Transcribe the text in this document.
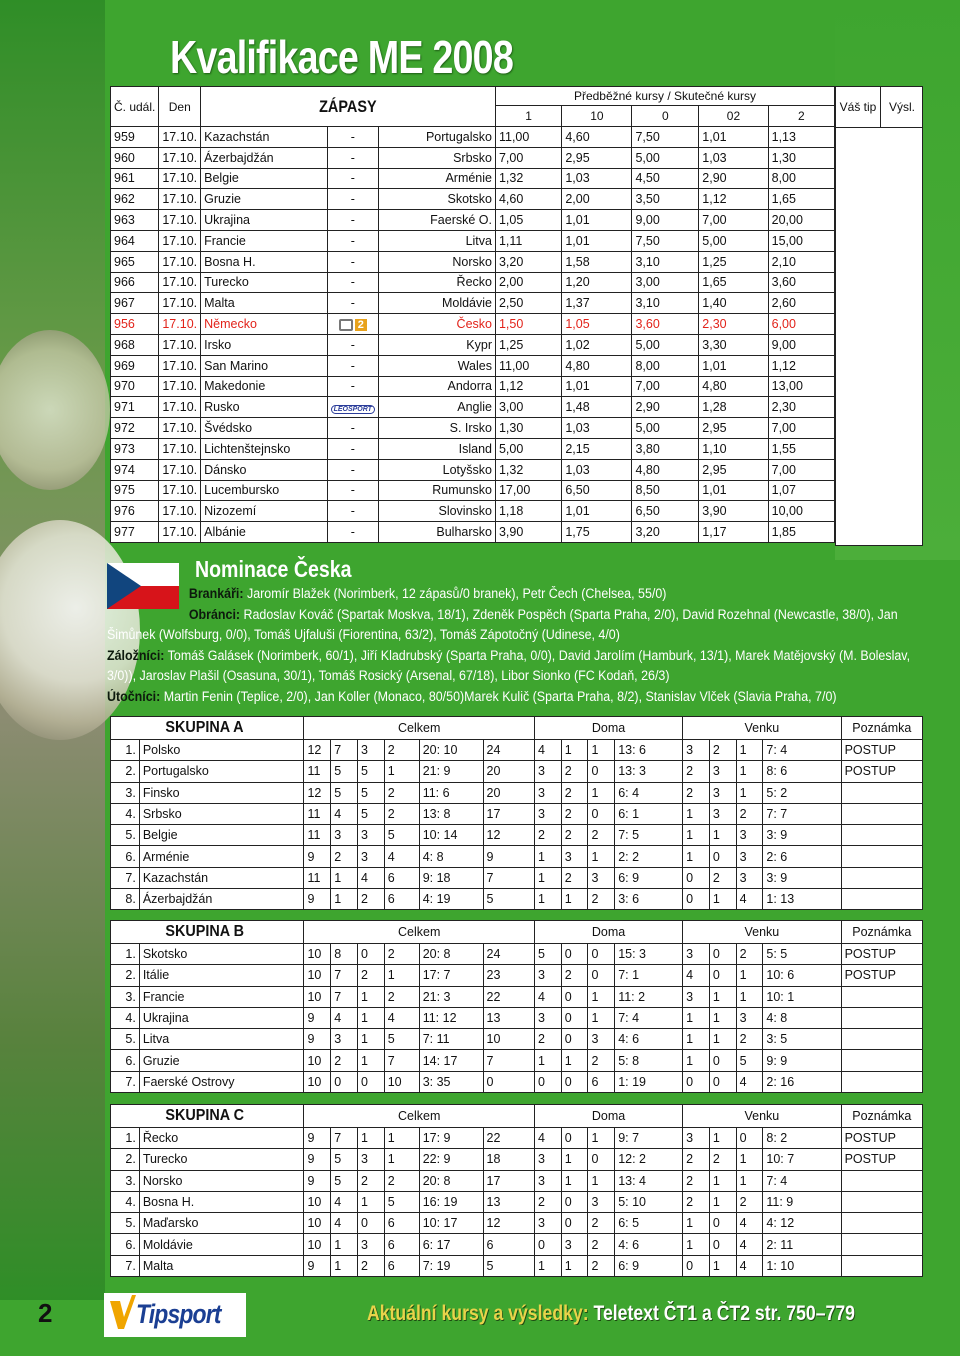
Kvalifikace ME 2008
Váš tip	Výsl.
Č. udál.	Den	ZÁPASY			Předběžné kursy / Skutečné kursy				
					1	10	0	02	2
959	17.10.	Kazachstán	-	Portugalsko	11,00	4,60	7,50	1,01	1,13
960	17.10.	Ázerbajdžán	-	Srbsko	7,00	2,95	5,00	1,03	1,30
961	17.10.	Belgie	-	Arménie	1,32	1,03	4,50	2,90	8,00
962	17.10.	Gruzie	-	Skotsko	4,60	2,00	3,50	1,12	1,65
963	17.10.	Ukrajina	-	Faerské O.	1,05	1,01	9,00	7,00	20,00
964	17.10.	Francie	-	Litva	1,11	1,01	7,50	5,00	15,00
965	17.10.	Bosna H.	-	Norsko	3,20	1,58	3,10	1,25	2,10
966	17.10.	Turecko	-	Řecko	2,00	1,20	3,00	1,65	3,60
967	17.10.	Malta	-	Moldávie	2,50	1,37	3,10	1,40	2,60
956	17.10.	Německo	2	Česko	1,50	1,05	3,60	2,30	6,00
968	17.10.	Irsko	-	Kypr	1,25	1,02	5,00	3,30	9,00
969	17.10.	San Marino	-	Wales	11,00	4,80	8,00	1,01	1,12
970	17.10.	Makedonie	-	Andorra	1,12	1,01	7,00	4,80	13,00
971	17.10.	Rusko	LEOSPORT	Anglie	3,00	1,48	2,90	1,28	2,30
972	17.10.	Švédsko	-	S. Irsko	1,30	1,03	5,00	2,95	7,00
973	17.10.	Lichtenštejnsko	-	Island	5,00	2,15	3,80	1,10	1,55
974	17.10.	Dánsko	-	Lotyšsko	1,32	1,03	4,80	2,95	7,00
975	17.10.	Lucembursko	-	Rumunsko	17,00	6,50	8,50	1,01	1,07
976	17.10.	Nizozemí	-	Slovinsko	1,18	1,01	6,50	3,90	10,00
977	17.10.	Albánie	-	Bulharsko	3,90	1,75	3,20	1,17	1,85
Nominace Česka

Brankáři: Jaromír Blažek (Norimberk, 12 zápasů/0 branek), Petr Čech (Chelsea, 55/0)

Obránci: Radoslav Kováč (Spartak Moskva, 18/1), Zdeněk Pospěch (Sparta Praha, 2/0), David Rozehnal (Newcastle, 38/0), Jan

Šimůnek (Wolfsburg, 0/0), Tomáš Ujfaluši (Fiorentina, 63/2), Tomáš Zápotočný (Udinese, 4/0)

Záložníci: Tomáš Galásek (Norimberk, 60/1), Jiří Kladrubský (Sparta Praha, 0/0), David Jarolím (Hamburk, 13/1), Marek Matějovský (M. Boleslav,

3/0)), Jaroslav Plašil (Osasuna, 30/1), Tomáš Rosický (Arsenal, 67/18), Libor Sionko (FC Kodaň, 26/3)

Útočníci: Martin Fenin (Teplice, 2/0), Jan Koller (Monaco, 80/50)Marek Kulič (Sparta Praha, 8/2), Stanislav Vlček (Slavia Praha, 7/0)

SKUPINA A		Celkem						Doma				Venku				Poznámka
1.	Polsko	12	7	3	2	20: 10	24	4	1	1	13: 6	3	2	1	7: 4	POSTUP
2.	Portugalsko	11	5	5	1	21: 9	20	3	2	0	13: 3	2	3	1	8: 6	POSTUP
3.	Finsko	12	5	5	2	11: 6	20	3	2	1	6: 4	2	3	1	5: 2	
4.	Srbsko	11	4	5	2	13: 8	17	3	2	0	6: 1	1	3	2	7: 7	
5.	Belgie	11	3	3	5	10: 14	12	2	2	2	7: 5	1	1	3	3: 9	
6.	Arménie	9	2	3	4	4: 8	9	1	3	1	2: 2	1	0	3	2: 6	
7.	Kazachstán	11	1	4	6	9: 18	7	1	2	3	6: 9	0	2	3	3: 9	
8.	Ázerbajdžán	9	1	2	6	4: 19	5	1	1	2	3: 6	0	1	4	1: 13	
SKUPINA B		Celkem						Doma				Venku				Poznámka
1.	Skotsko	10	8	0	2	20: 8	24	5	0	0	15: 3	3	0	2	5: 5	POSTUP
2.	Itálie	10	7	2	1	17: 7	23	3	2	0	7: 1	4	0	1	10: 6	POSTUP
3.	Francie	10	7	1	2	21: 3	22	4	0	1	11: 2	3	1	1	10: 1	
4.	Ukrajina	9	4	1	4	11: 12	13	3	0	1	7: 4	1	1	3	4: 8	
5.	Litva	9	3	1	5	7: 11	10	2	0	3	4: 6	1	1	2	3: 5	
6.	Gruzie	10	2	1	7	14: 17	7	1	1	2	5: 8	1	0	5	9: 9	
7.	Faerské Ostrovy	10	0	0	10	3: 35	0	0	0	6	1: 19	0	0	4	2: 16	
SKUPINA C		Celkem						Doma				Venku				Poznámka
1.	Řecko	9	7	1	1	17: 9	22	4	0	1	9: 7	3	1	0	8: 2	POSTUP
2.	Turecko	9	5	3	1	22: 9	18	3	1	0	12: 2	2	2	1	10: 7	POSTUP
3.	Norsko	9	5	2	2	20: 8	17	3	1	1	13: 4	2	1	1	7: 4	
4.	Bosna H.	10	4	1	5	16: 19	13	2	0	3	5: 10	2	1	2	11: 9	
5.	Maďarsko	10	4	0	6	10: 17	12	3	0	2	6: 5	1	0	4	4: 12	
6.	Moldávie	10	1	3	6	6: 17	6	0	3	2	4: 6	1	0	4	2: 11	
7.	Malta	9	1	2	6	7: 19	5	1	1	2	6: 9	0	1	4	1: 10	
2	Tipsport	Aktuální kursy a výsledky: Teletext ČT1 a ČT2 str. 750–779
